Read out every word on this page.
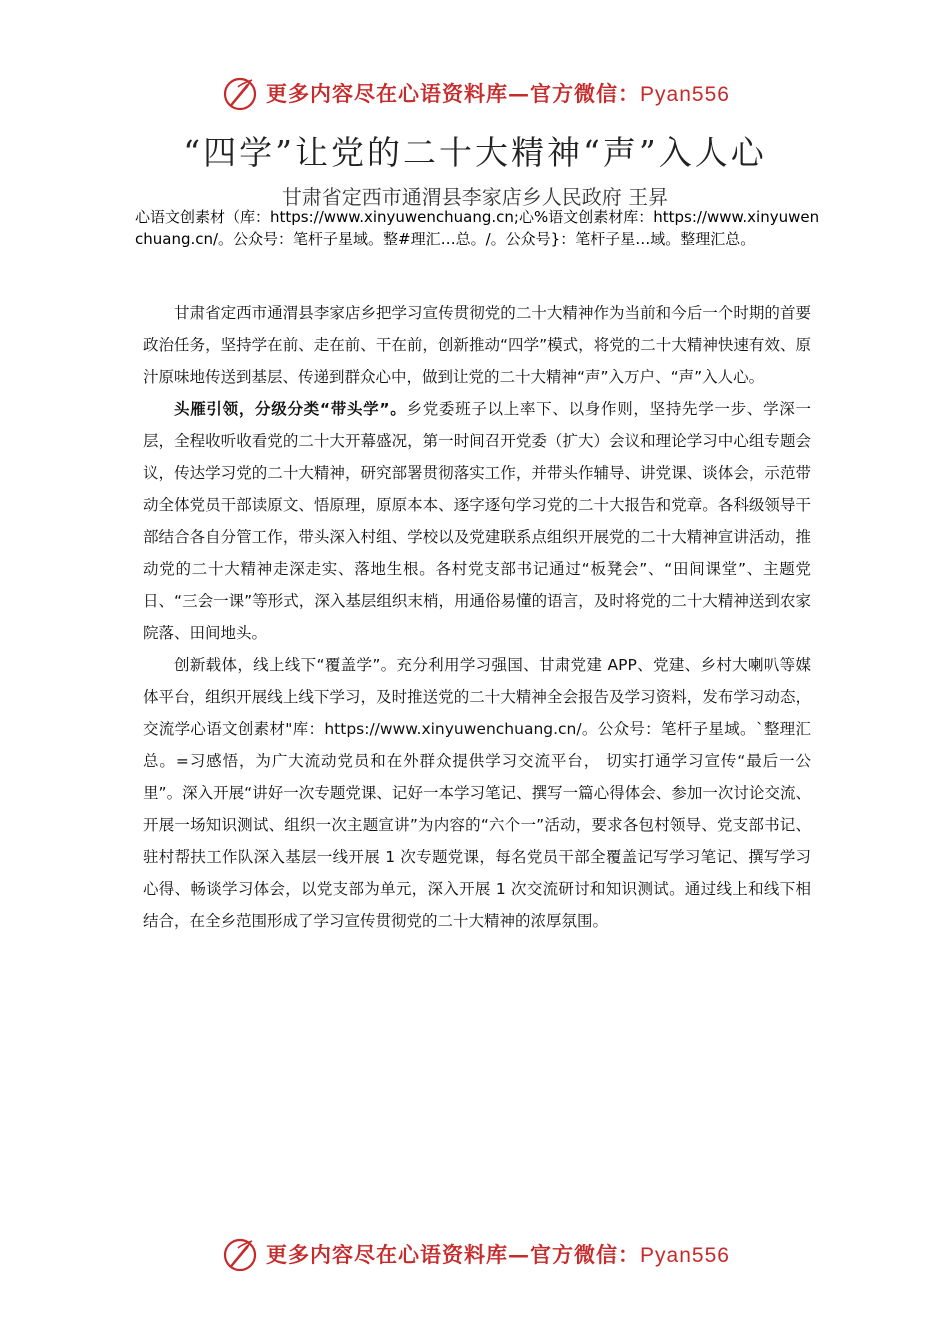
更多内容尽在心语资料库—官方微信：Pyan556
“四学”让党的二十大精神“声”入人心
甘肃省定西市通渭县李家店乡人民政府 王昇
心语文创素材（库：https://www.xinyuwenchuang.cn;心%语文创素材库：https://www.xinyuwenchuang.cn/。公众号：笔杆子星域。整#理汇…总。/。公众号}：笔杆子星…域。整理汇总。

甘肃省定西市通渭县李家店乡把学习宣传贯彻党的二十大精神作为当前和今后一个时期的首要政治任务，坚持学在前、走在前、干在前，创新推动“四学”模式，将党的二十大精神快速有效、原汁原味地传送到基层、传递到群众心中，做到让党的二十大精神“声”入万户、“声”入人心。

头雁引领，分级分类“带头学”。乡党委班子以上率下、以身作则，坚持先学一步、学深一层，全程收听收看党的二十大开幕盛况，第一时间召开党委（扩大）会议和理论学习中心组专题会议，传达学习党的二十大精神，研究部署贯彻落实工作，并带头作辅导、讲党课、谈体会，示范带动全体党员干部读原文、悟原理，原原本本、逐字逐句学习党的二十大报告和党章。各科级领导干部结合各自分管工作，带头深入村组、学校以及党建联系点组织开展党的二十大精神宣讲活动，推动党的二十大精神走深走实、落地生根。各村党支部书记通过“板凳会”、“田间课堂”、主题党日、“三会一课”等形式，深入基层组织末梢，用通俗易懂的语言，及时将党的二十大精神送到农家院落、田间地头。

创新载体，线上线下“覆盖学”。充分利用学习强国、甘肃党建 APP、党建、乡村大喇叭等媒体平台，组织开展线上线下学习，及时推送党的二十大精神全会报告及学习资料，发布学习动态，交流学心语文创素材"库：https://www.xinyuwenchuang.cn/。公众号：笔杆子星域。`整理汇总。=习感悟，为广大流动党员和在外群众提供学习交流平台， 切实打通学习宣传“最后一公里”。深入开展“讲好一次专题党课、记好一本学习笔记、撰写一篇心得体会、参加一次讨论交流、开展一场知识测试、组织一次主题宣讲”为内容的“六个一”活动，要求各包村领导、党支部书记、驻村帮扶工作队深入基层一线开展 1 次专题党课，每名党员干部全覆盖记写学习笔记、撰写学习心得、畅谈学习体会，以党支部为单元，深入开展 1 次交流研讨和知识测试。通过线上和线下相结合，在全乡范围形成了学习宣传贯彻党的二十大精神的浓厚氛围。

更多内容尽在心语资料库—官方微信：Pyan556
